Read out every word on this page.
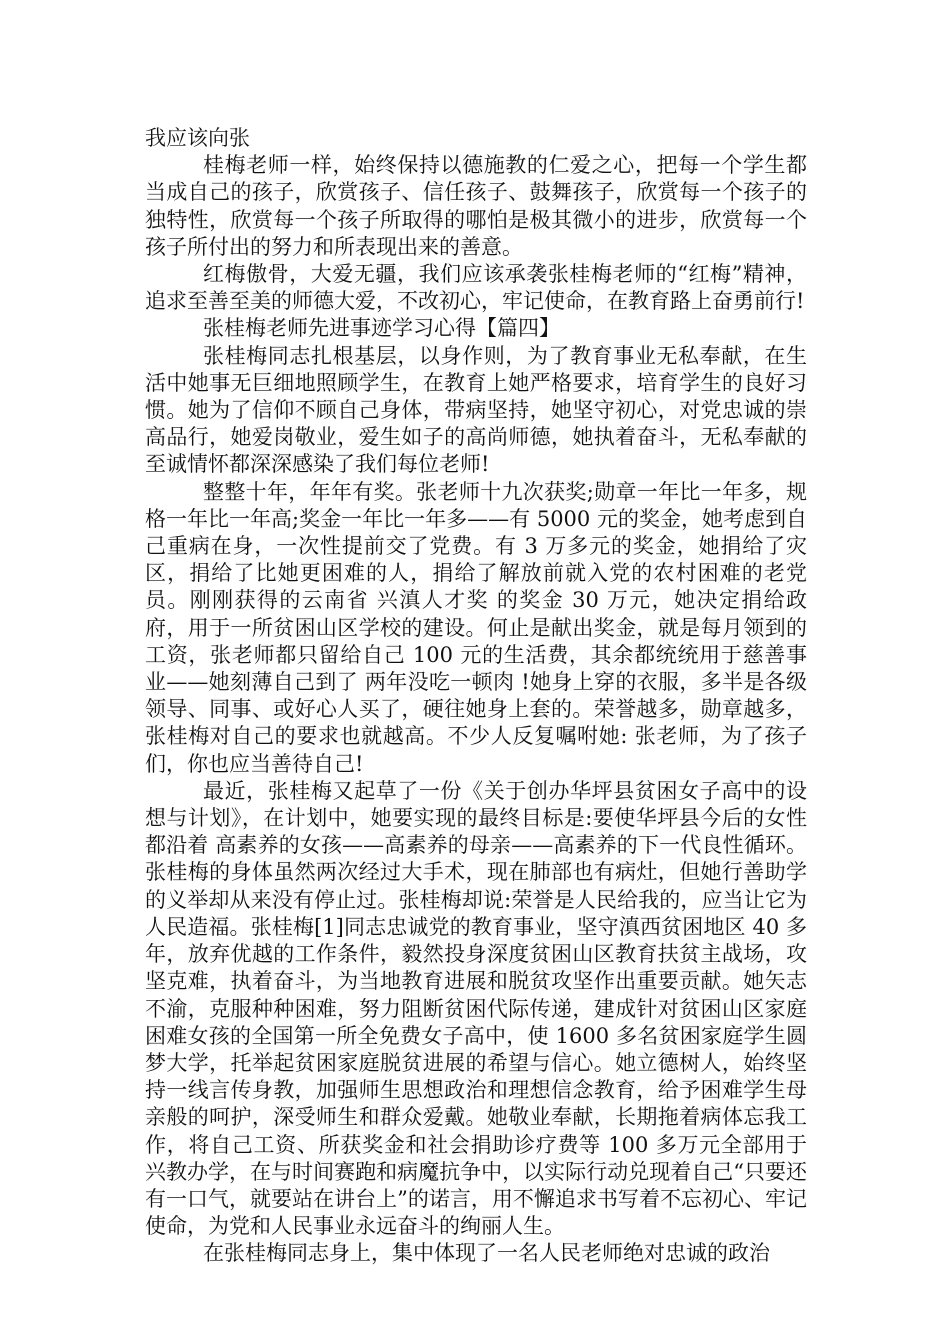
我应该向张

桂梅老师一样，始终保持以德施教的仁爱之心，把每一个学生都当成自己的孩子，欣赏孩子、信任孩子、鼓舞孩子，欣赏每一个孩子的独特性，欣赏每一个孩子所取得的哪怕是极其微小的进步，欣赏每一个孩子所付出的努力和所表现出来的善意。

红梅傲骨，大爱无疆，我们应该承袭张桂梅老师的“红梅”精神，追求至善至美的师德大爱，不改初心，牢记使命，在教育路上奋勇前行!

张桂梅老师先进事迹学习心得【篇四】

张桂梅同志扎根基层，以身作则，为了教育事业无私奉献，在生活中她事无巨细地照顾学生，在教育上她严格要求，培育学生的良好习惯。她为了信仰不顾自己身体，带病坚持，她坚守初心，对党忠诚的崇高品行，她爱岗敬业，爱生如子的高尚师德，她执着奋斗，无私奉献的至诚情怀都深深感染了我们每位老师!

整整十年，年年有奖。张老师十九次获奖;勋章一年比一年多，规格一年比一年高;奖金一年比一年多——有 5000 元的奖金，她考虑到自己重病在身，一次性提前交了党费。有 3 万多元的奖金，她捐给了灾区，捐给了比她更困难的人，捐给了解放前就入党的农村困难的老党员。刚刚获得的云南省 兴滇人才奖 的奖金 30 万元，她决定捐给政府，用于一所贫困山区学校的建设。何止是献出奖金，就是每月领到的工资，张老师都只留给自己 100 元的生活费，其余都统统用于慈善事业——她刻薄自己到了 两年没吃一顿肉 !她身上穿的衣服，多半是各级领导、同事、或好心人买了，硬往她身上套的。荣誉越多，勋章越多，张桂梅对自己的要求也就越高。不少人反复嘱咐她: 张老师，为了孩子们，你也应当善待自己!

最近，张桂梅又起草了一份《关于创办华坪县贫困女子高中的设想与计划》，在计划中，她要实现的最终目标是:要使华坪县今后的女性都沿着 高素养的女孩——高素养的母亲——高素养的下一代良性循环。张桂梅的身体虽然两次经过大手术，现在肺部也有病灶，但她行善助学的义举却从来没有停止过。张桂梅却说:荣誉是人民给我的，应当让它为人民造福。张桂梅[1]同志忠诚党的教育事业，坚守滇西贫困地区 40 多年，放弃优越的工作条件，毅然投身深度贫困山区教育扶贫主战场，攻坚克难，执着奋斗，为当地教育进展和脱贫攻坚作出重要贡献。她矢志不渝，克服种种困难，努力阻断贫困代际传递，建成针对贫困山区家庭困难女孩的全国第一所全免费女子高中，使 1600 多名贫困家庭学生圆梦大学，托举起贫困家庭脱贫进展的希望与信心。她立德树人，始终坚持一线言传身教，加强师生思想政治和理想信念教育，给予困难学生母亲般的呵护，深受师生和群众爱戴。她敬业奉献，长期拖着病体忘我工作，将自己工资、所获奖金和社会捐助诊疗费等 100 多万元全部用于兴教办学，在与时间赛跑和病魔抗争中，以实际行动兑现着自己“只要还有一口气，就要站在讲台上”的诺言，用不懈追求书写着不忘初心、牢记使命，为党和人民事业永远奋斗的绚丽人生。

在张桂梅同志身上，集中体现了一名人民老师绝对忠诚的政治
